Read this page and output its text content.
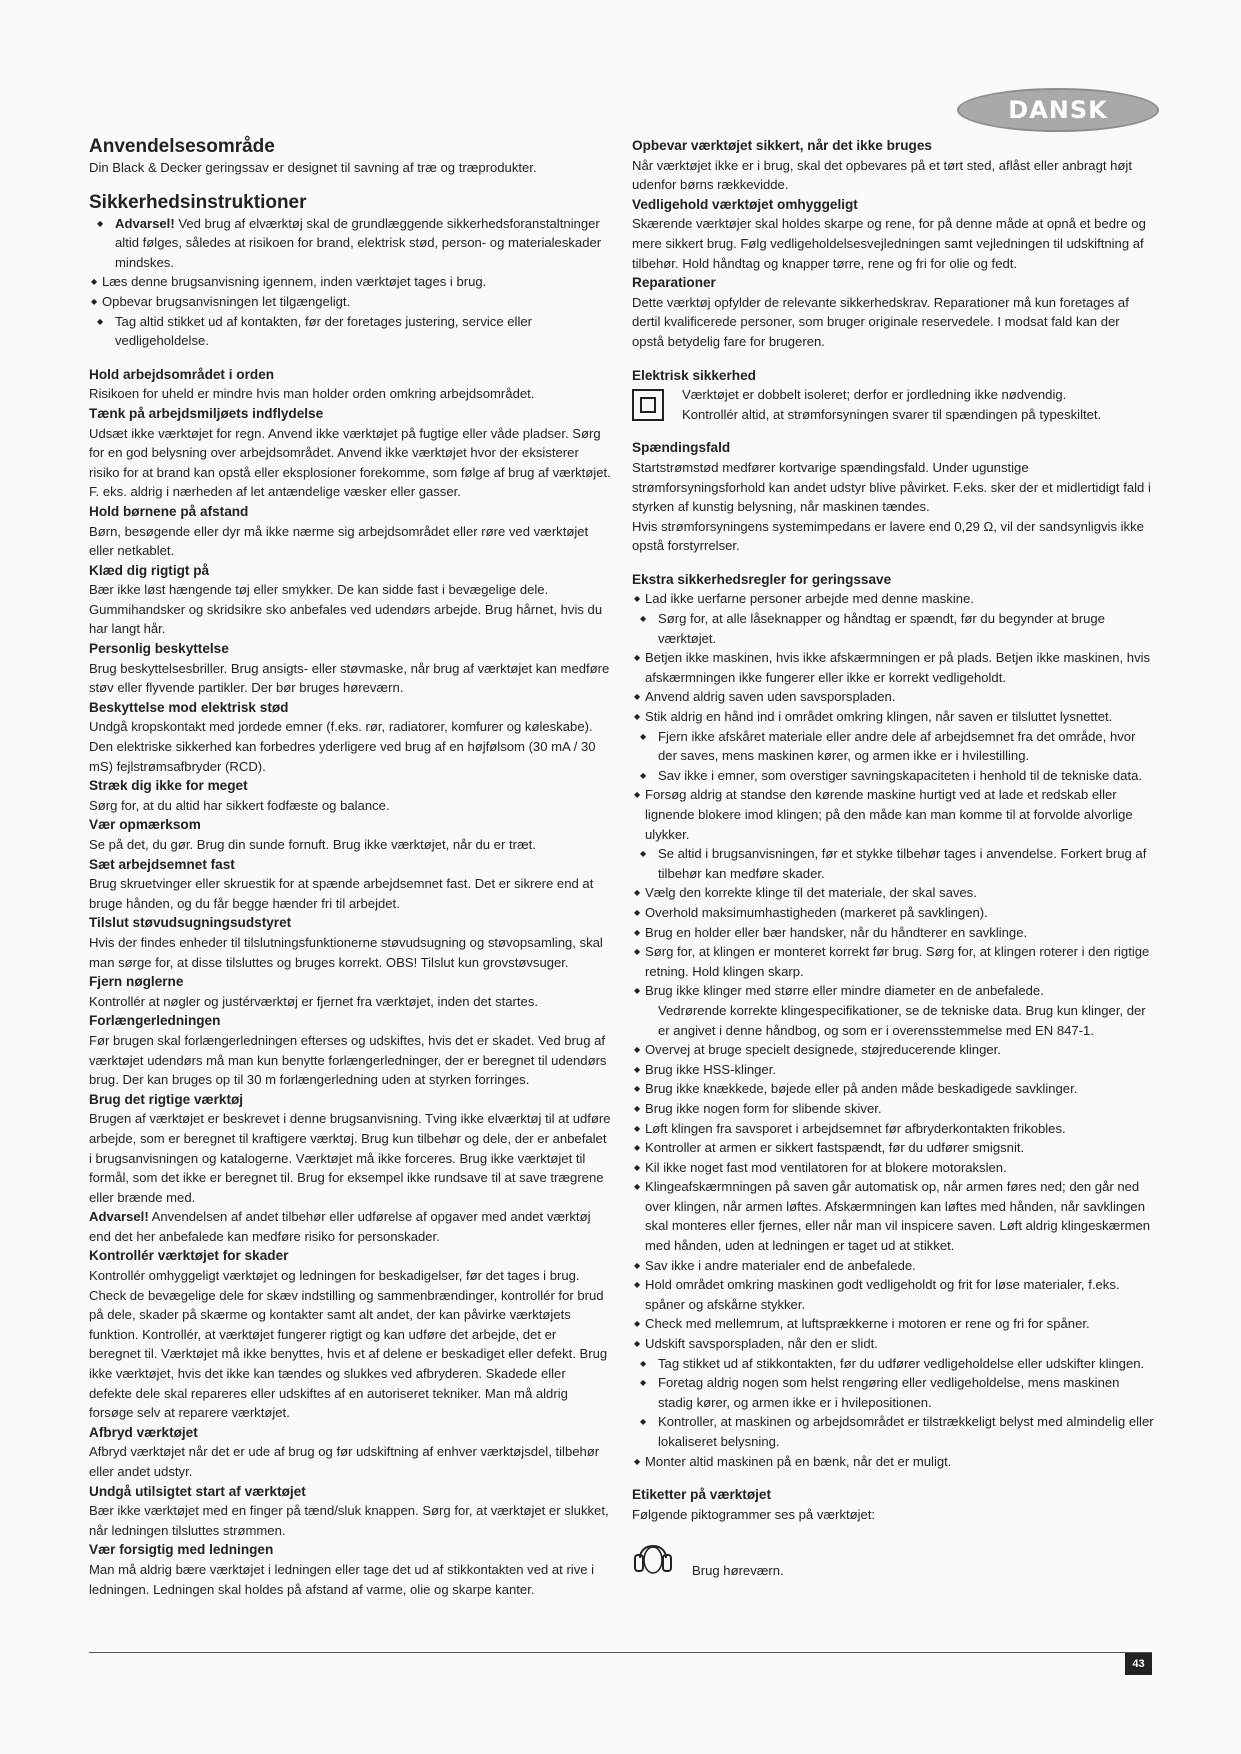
DANSK
Anvendelsesområde

Din Black & Decker geringssav er designet til savning af træ og træprodukter.

Sikkerhedsinstruktioner
◆ Advarsel! Ved brug af elværktøj skal de grundlæggende sikkerhedsforanstaltninger altid følges, således at risikoen for brand, elektrisk stød, person- og materialeskader mindskes.
◆ Læs denne brugsanvisning igennem, inden værktøjet tages i brug.
◆ Opbevar brugsanvisningen let tilgængeligt.
◆ Tag altid stikket ud af kontakten, før der foretages justering, service eller vedligeholdelse.
Hold arbejdsområdet i orden

Risikoen for uheld er mindre hvis man holder orden omkring arbejdsområdet.

Tænk på arbejdsmiljøets indflydelse

Udsæt ikke værktøjet for regn. Anvend ikke værktøjet på fugtige eller våde pladser. Sørg for en god belysning over arbejdsområdet. Anvend ikke værktøjet hvor der eksisterer risiko for at brand kan opstå eller eksplosioner forekomme, som følge af brug af værktøjet. F. eks. aldrig i nærheden af let antændelige væsker eller gasser.

Hold børnene på afstand

Børn, besøgende eller dyr må ikke nærme sig arbejdsområdet eller røre ved værktøjet eller netkablet.

Klæd dig rigtigt på

Bær ikke løst hængende tøj eller smykker. De kan sidde fast i bevægelige dele. Gummihandsker og skridsikre sko anbefales ved udendørs arbejde. Brug hårnet, hvis du har langt hår.

Personlig beskyttelse

Brug beskyttelsesbriller. Brug ansigts- eller støvmaske, når brug af værktøjet kan medføre støv eller flyvende partikler. Der bør bruges høreværn.

Beskyttelse mod elektrisk stød

Undgå kropskontakt med jordede emner (f.eks. rør, radiatorer, komfurer og køleskabe). Den elektriske sikkerhed kan forbedres yderligere ved brug af en højfølsom (30 mA / 30 mS) fejlstrømsafbryder (RCD).

Stræk dig ikke for meget

Sørg for, at du altid har sikkert fodfæste og balance.

Vær opmærksom

Se på det, du gør. Brug din sunde fornuft. Brug ikke værktøjet, når du er træt.

Sæt arbejdsemnet fast

Brug skruetvinger eller skruestik for at spænde arbejdsemnet fast. Det er sikrere end at bruge hånden, og du får begge hænder fri til arbejdet.

Tilslut støvudsugningsudstyret

Hvis der findes enheder til tilslutningsfunktionerne støvudsugning og støvopsamling, skal man sørge for, at disse tilsluttes og bruges korrekt. OBS! Tilslut kun grovstøvsuger.

Fjern nøglerne

Kontrollér at nøgler og justérværktøj er fjernet fra værktøjet, inden det startes.

Forlængerledningen

Før brugen skal forlængerledningen efterses og udskiftes, hvis det er skadet. Ved brug af værktøjet udendørs må man kun benytte forlængerledninger, der er beregnet til udendørs brug. Der kan bruges op til 30 m forlængerledning uden at styrken forringes.

Brug det rigtige værktøj

Brugen af værktøjet er beskrevet i denne brugsanvisning. Tving ikke elværktøj til at udføre arbejde, som er beregnet til kraftigere værktøj. Brug kun tilbehør og dele, der er anbefalet i brugsanvisningen og katalogerne. Værktøjet må ikke forceres. Brug ikke værktøjet til formål, som det ikke er beregnet til. Brug for eksempel ikke rundsave til at save trægrene eller brænde med.

Advarsel! Anvendelsen af andet tilbehør eller udførelse af opgaver med andet værktøj end det her anbefalede kan medføre risiko for personskader.

Kontrollér værktøjet for skader

Kontrollér omhyggeligt værktøjet og ledningen for beskadigelser, før det tages i brug. Check de bevægelige dele for skæv indstilling og sammenbrændinger, kontrollér for brud på dele, skader på skærme og kontakter samt alt andet, der kan påvirke værktøjets funktion. Kontrollér, at værktøjet fungerer rigtigt og kan udføre det arbejde, det er beregnet til. Værktøjet må ikke benyttes, hvis et af delene er beskadiget eller defekt. Brug ikke værktøjet, hvis det ikke kan tændes og slukkes ved afbryderen. Skadede eller defekte dele skal repareres eller udskiftes af en autoriseret tekniker. Man må aldrig forsøge selv at reparere værktøjet.

Afbryd værktøjet

Afbryd værktøjet når det er ude af brug og før udskiftning af enhver værktøjsdel, tilbehør eller andet udstyr.

Undgå utilsigtet start af værktøjet

Bær ikke værktøjet med en finger på tænd/sluk knappen. Sørg for, at værktøjet er slukket, når ledningen tilsluttes strømmen.

Vær forsigtig med ledningen

Man må aldrig bære værktøjet i ledningen eller tage det ud af stikkontakten ved at rive i ledningen. Ledningen skal holdes på afstand af varme, olie og skarpe kanter.

Opbevar værktøjet sikkert, når det ikke bruges

Når værktøjet ikke er i brug, skal det opbevares på et tørt sted, aflåst eller anbragt højt udenfor børns rækkevidde.

Vedligehold værktøjet omhyggeligt

Skærende værktøjer skal holdes skarpe og rene, for på denne måde at opnå et bedre og mere sikkert brug. Følg vedligeholdelsesvejledningen samt vejledningen til udskiftning af tilbehør. Hold håndtag og knapper tørre, rene og fri for olie og fedt.

Reparationer

Dette værktøj opfylder de relevante sikkerhedskrav. Reparationer må kun foretages af dertil kvalificerede personer, som bruger originale reservedele. I modsat fald kan der opstå betydelig fare for brugeren.

Elektrisk sikkerhed

Værktøjet er dobbelt isoleret; derfor er jordledning ikke nødvendig.

Kontrollér altid, at strømforsyningen svarer til spændingen på typeskiltet.

Spændingsfald

Startstrømstød medfører kortvarige spændingsfald. Under ugunstige strømforsyningsforhold kan andet udstyr blive påvirket. F.eks. sker der et midlertidigt fald i styrken af kunstig belysning, når maskinen tændes.

Hvis strømforsyningens systemimpedans er lavere end 0,29 Ω, vil der sandsynligvis ikke opstå forstyrrelser.

Ekstra sikkerhedsregler for geringssave
◆ Lad ikke uerfarne personer arbejde med denne maskine.
◆ Sørg for, at alle låseknapper og håndtag er spændt, før du begynder at bruge værktøjet.
◆ Betjen ikke maskinen, hvis ikke afskærmningen er på plads. Betjen ikke maskinen, hvis afskærmningen ikke fungerer eller ikke er korrekt vedligeholdt.
◆ Anvend aldrig saven uden savsporspladen.
◆ Stik aldrig en hånd ind i området omkring klingen, når saven er tilsluttet lysnettet.
◆ Fjern ikke afskåret materiale eller andre dele af arbejdsemnet fra det område, hvor der saves, mens maskinen kører, og armen ikke er i hvilestilling.
◆ Sav ikke i emner, som overstiger savningskapaciteten i henhold til de tekniske data.
◆ Forsøg aldrig at standse den kørende maskine hurtigt ved at lade et redskab eller lignende blokere imod klingen; på den måde kan man komme til at forvolde alvorlige ulykker.
◆ Se altid i brugsanvisningen, før et stykke tilbehør tages i anvendelse. Forkert brug af tilbehør kan medføre skader.
◆ Vælg den korrekte klinge til det materiale, der skal saves.
◆ Overhold maksimumhastigheden (markeret på savklingen).
◆ Brug en holder eller bær handsker, når du håndterer en savklinge.
◆ Sørg for, at klingen er monteret korrekt før brug. Sørg for, at klingen roterer i den rigtige retning. Hold klingen skarp.
◆ Brug ikke klinger med større eller mindre diameter en de anbefalede.

Vedrørende korrekte klingespecifikationer, se de tekniske data. Brug kun klinger, der er angivet i denne håndbog, og som er i overensstemmelse med EN 847-1.

◆ Overvej at bruge specielt designede, støjreducerende klinger.
◆ Brug ikke HSS-klinger.
◆ Brug ikke knækkede, bøjede eller på anden måde beskadigede savklinger.
◆ Brug ikke nogen form for slibende skiver.
◆ Løft klingen fra savsporet i arbejdsemnet før afbryderkontakten frikobles.
◆ Kontroller at armen er sikkert fastspændt, før du udfører smigsnit.
◆ Kil ikke noget fast mod ventilatoren for at blokere motorakslen.
◆ Klingeafskærmningen på saven går automatisk op, når armen føres ned; den går ned over klingen, når armen løftes. Afskærmningen kan løftes med hånden, når savklingen skal monteres eller fjernes, eller når man vil inspicere saven. Løft aldrig klingeskærmen med hånden, uden at ledningen er taget ud at stikket.
◆ Sav ikke i andre materialer end de anbefalede.
◆ Hold området omkring maskinen godt vedligeholdt og frit for løse materialer, f.eks. spåner og afskårne stykker.
◆ Check med mellemrum, at luftsprækkerne i motoren er rene og fri for spåner.
◆ Udskift savsporspladen, når den er slidt.
◆ Tag stikket ud af stikkontakten, før du udfører vedligeholdelse eller udskifter klingen.
◆ Foretag aldrig nogen som helst rengøring eller vedligeholdelse, mens maskinen stadig kører, og armen ikke er i hvilepositionen.
◆ Kontroller, at maskinen og arbejdsområdet er tilstrækkeligt belyst med almindelig eller lokaliseret belysning.
◆ Monter altid maskinen på en bænk, når det er muligt.
Etiketter på værktøjet

Følgende piktogrammer ses på værktøjet:

Brug høreværn.

43
